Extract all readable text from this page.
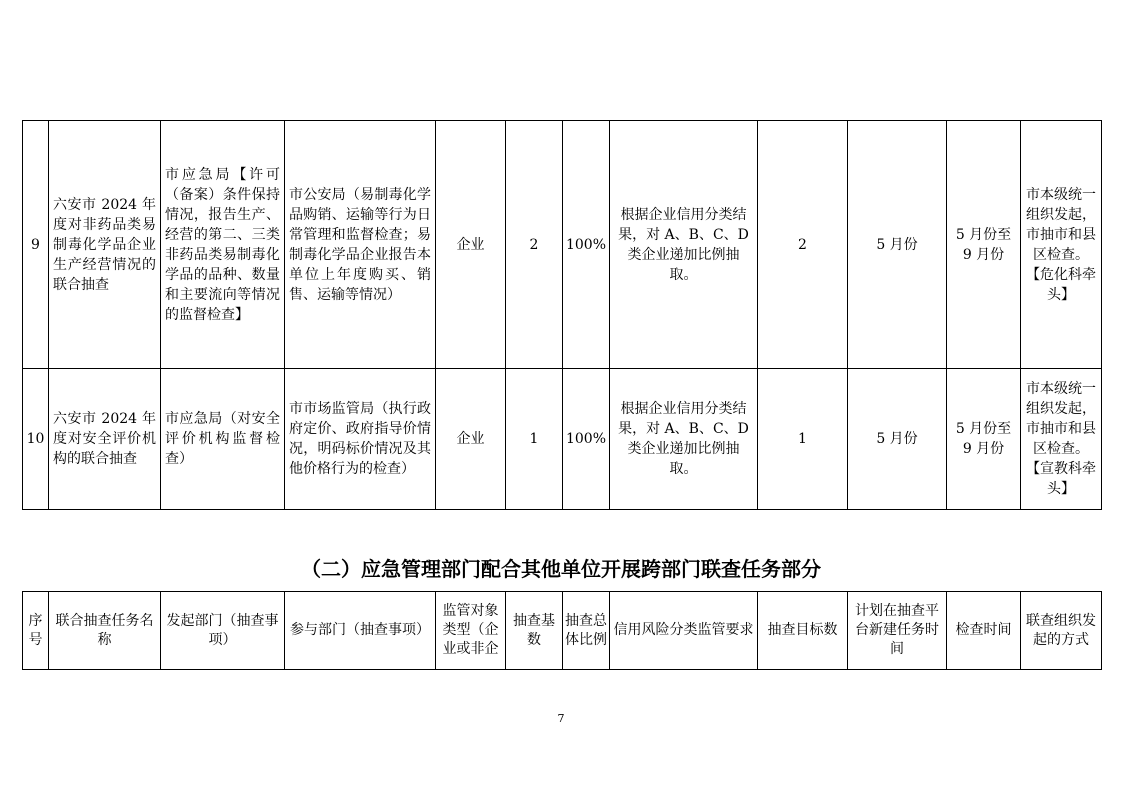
9	六安市 2024 年度对非药品类易制毒化学品企业生产经营情况的联合抽查	市应急局【许可（备案）条件保持情况，报告生产、经营的第二、三类非药品类易制毒化学品的品种、数量和主要流向等情况的监督检查】	市公安局（易制毒化学品购销、运输等行为日常管理和监督检查；易制毒化学品企业报告本单位上年度购买、销售、运输等情况）	企业	2	100%	根据企业信用分类结果，对 A、B、C、D 类企业递加比例抽取。	2	5 月份	5 月份至 9 月份	市本级统一组织发起，市抽市和县区检查。【危化科牵头】
10	六安市 2024 年度对安全评价机构的联合抽查	市应急局（对安全评价机构监督检查）	市市场监管局（执行政府定价、政府指导价情况，明码标价情况及其他价格行为的检查）	企业	1	100%	根据企业信用分类结果，对 A、B、C、D 类企业递加比例抽取。	1	5 月份	5 月份至 9 月份	市本级统一组织发起，市抽市和县区检查。【宣教科牵头】
（二）应急管理部门配合其他单位开展跨部门联查任务部分
序号	联合抽查任务名称	发起部门（抽查事项）	参与部门（抽查事项）	监管对象类型（企业或非企	抽查基数	抽查总体比例	信用风险分类监管要求	抽查目标数	计划在抽查平台新建任务时间	检查时间	联查组织发起的方式
7
